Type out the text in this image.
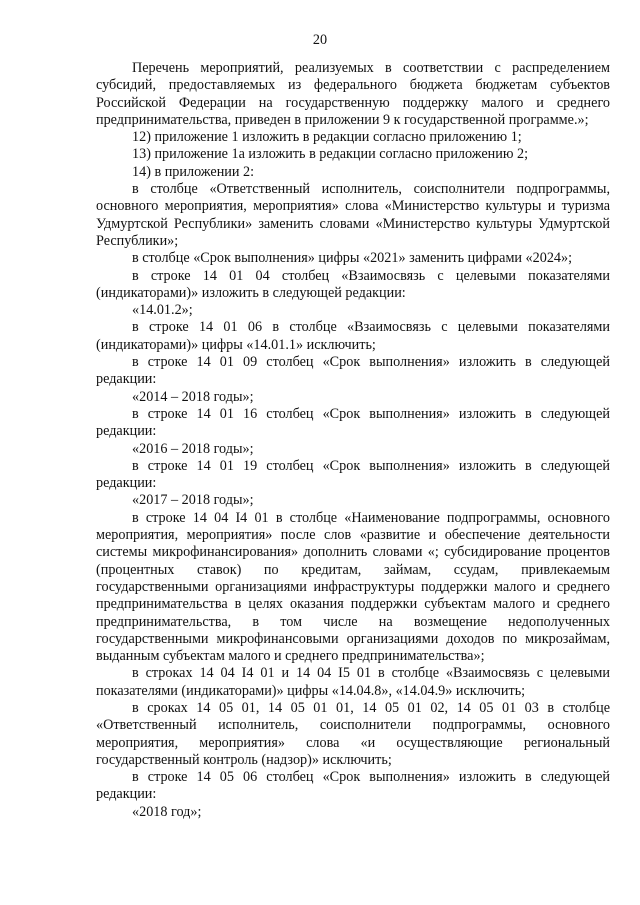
20

Перечень мероприятий, реализуемых в соответствии с распределением субсидий, предоставляемых из федерального бюджета бюджетам субъектов Российской Федерации на государственную поддержку малого и среднего предпринимательства, приведен в приложении 9 к государственной программе.»;

12) приложение 1 изложить в редакции согласно приложению 1;

13) приложение 1а изложить в редакции согласно приложению 2;

14) в приложении 2:

в столбце «Ответственный исполнитель, соисполнители подпрограммы, основного мероприятия, мероприятия» слова «Министерство культуры и туризма Удмуртской Республики» заменить словами «Министерство культуры Удмуртской Республики»;

в столбце «Срок выполнения» цифры «2021» заменить цифрами «2024»;

в строке 14 01 04 столбец «Взаимосвязь с целевыми показателями (индикаторами)» изложить в следующей редакции:

«14.01.2»;

в строке 14 01 06 в столбце «Взаимосвязь с целевыми показателями (индикаторами)» цифры «14.01.1» исключить;

в строке 14 01 09 столбец «Срок выполнения» изложить в следующей редакции:

«2014 – 2018 годы»;

в строке 14 01 16 столбец «Срок выполнения» изложить в следующей редакции:

«2016 – 2018 годы»;

в строке 14 01 19 столбец «Срок выполнения» изложить в следующей редакции:

«2017 – 2018 годы»;

в строке 14 04 I4 01 в столбце «Наименование подпрограммы, основного мероприятия, мероприятия» после слов «развитие и обеспечение деятельности системы микрофинансирования» дополнить словами «; субсидирование процентов (процентных ставок) по кредитам, займам, ссудам, привлекаемым государственными организациями инфраструктуры поддержки малого и среднего предпринимательства в целях оказания поддержки субъектам малого и среднего предпринимательства, в том числе на возмещение недополученных государственными микрофинансовыми организациями доходов по микрозаймам, выданным субъектам малого и среднего предпринимательства»;

в строках 14 04 I4 01 и 14 04 I5 01 в столбце «Взаимосвязь с целевыми показателями (индикаторами)» цифры «14.04.8», «14.04.9» исключить;

в сроках 14 05 01, 14 05 01 01, 14 05 01 02, 14 05 01 03 в столбце «Ответственный исполнитель, соисполнители подпрограммы, основного мероприятия, мероприятия» слова «и осуществляющие региональный государственный контроль (надзор)» исключить;

в строке 14 05 06 столбец «Срок выполнения» изложить в следующей редакции:

«2018 год»;
